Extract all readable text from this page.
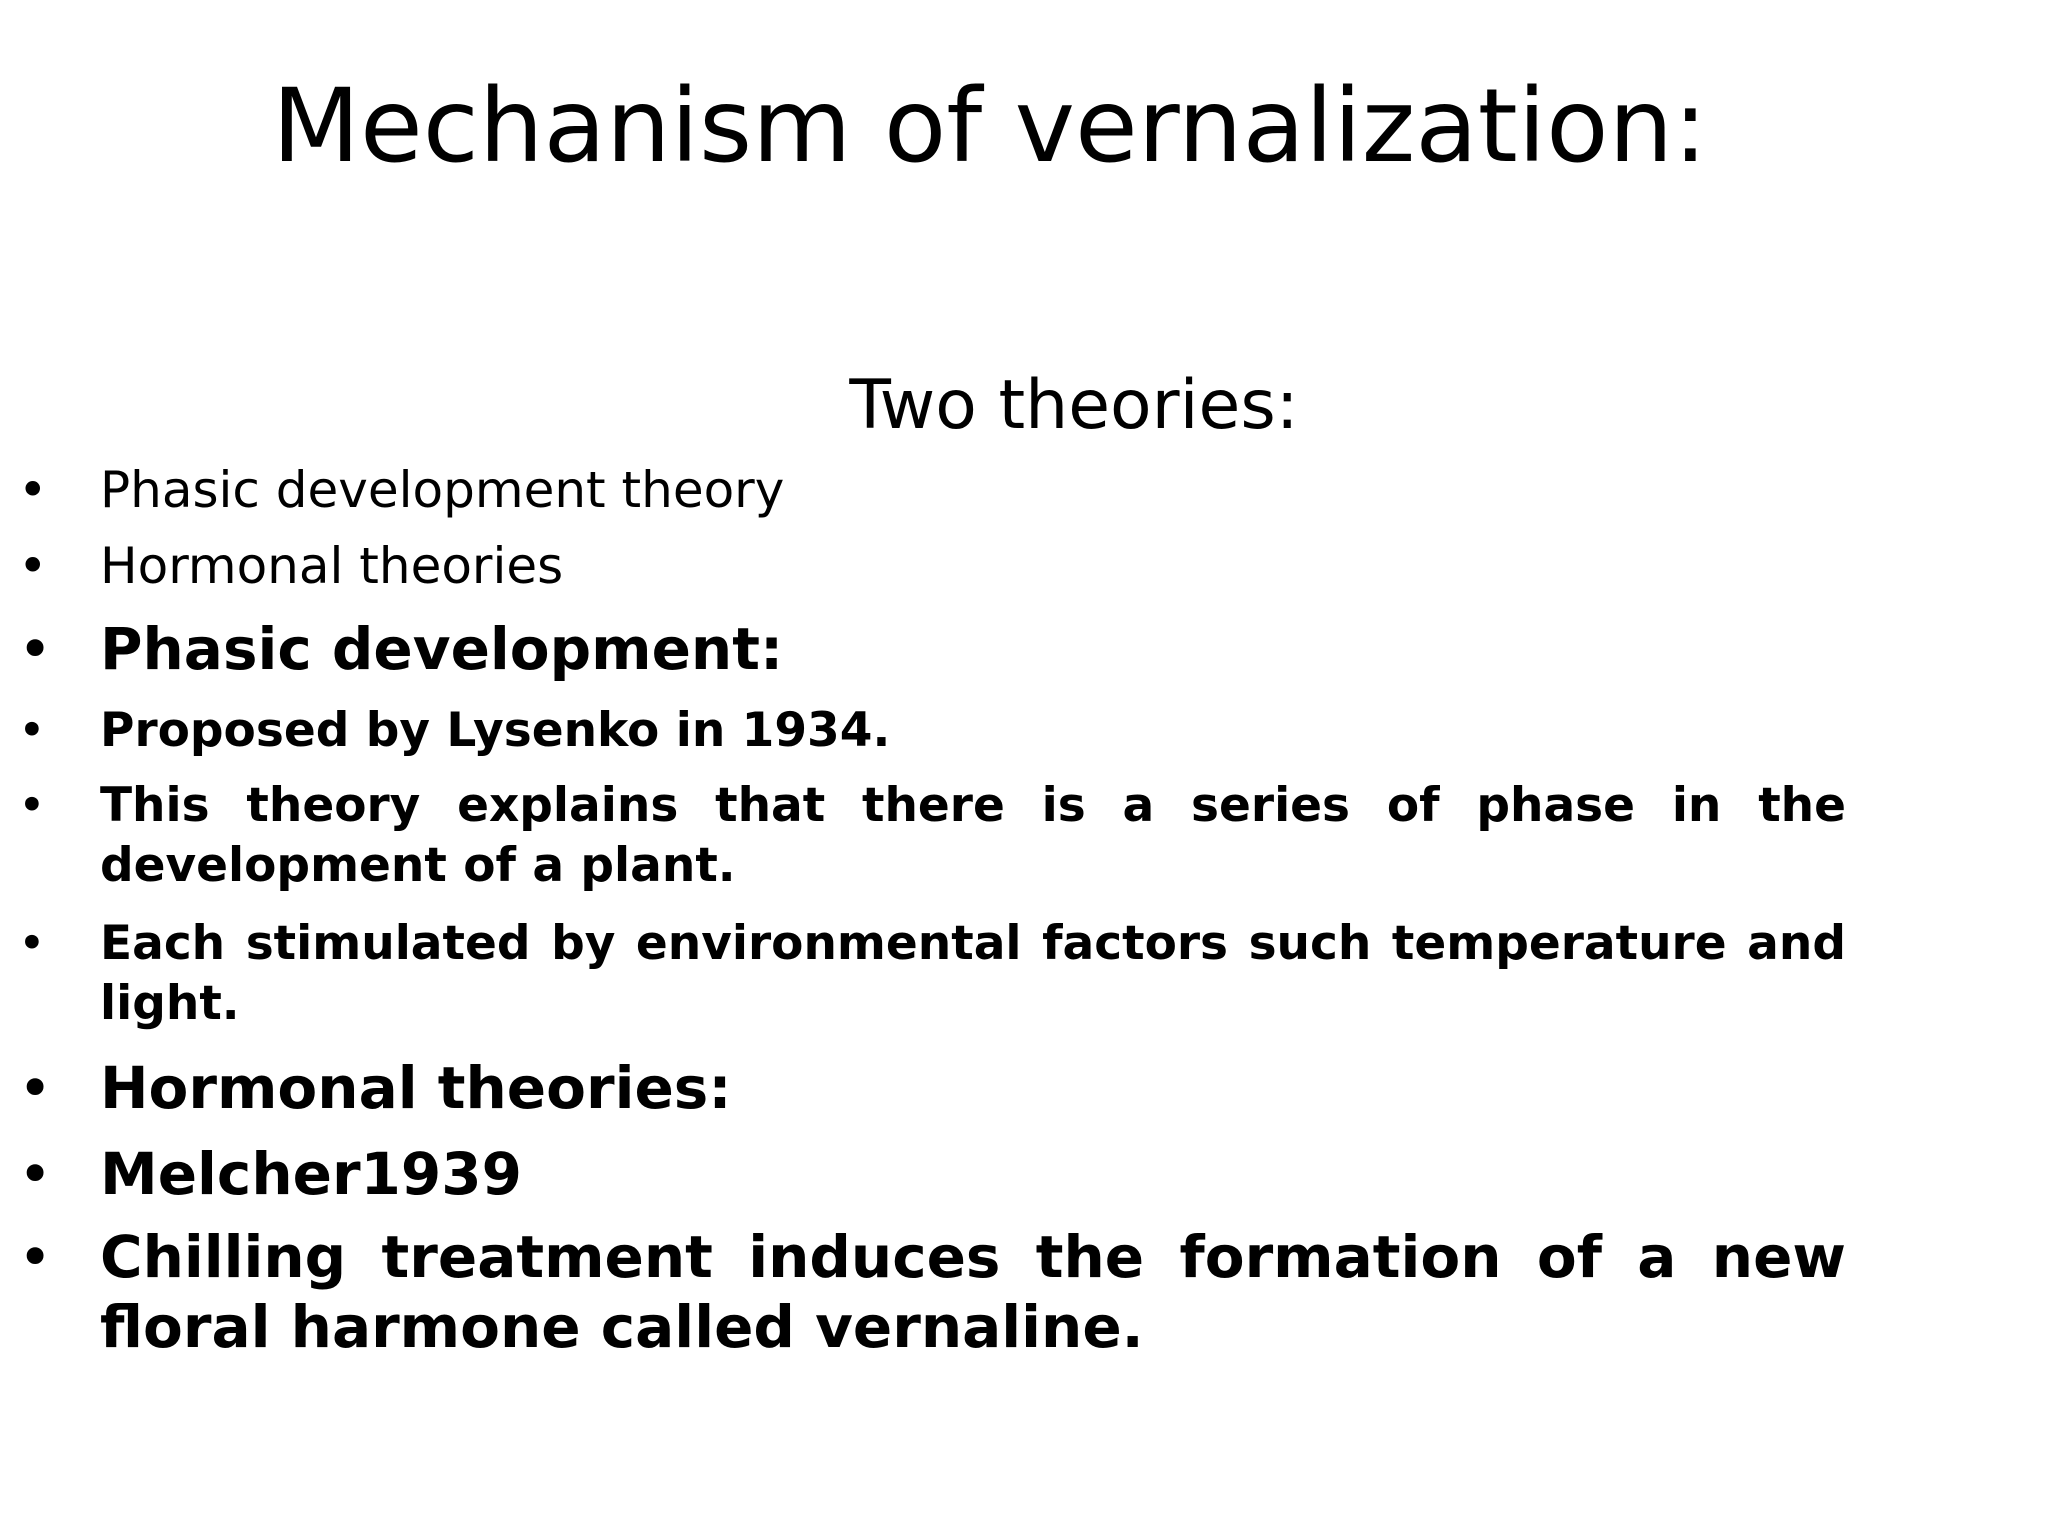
Mechanism of vernalization:

Two theories:

• Phasic development theory
• Hormonal theories
• Phasic development:
• Proposed by Lysenko in 1934.
• This theory explains that there is a series of phase in the development of a plant.
• Each stimulated by environmental factors such temperature and light.
• Hormonal theories:
• Melcher1939
• Chilling treatment induces the formation of a new floral harmone called vernaline.
